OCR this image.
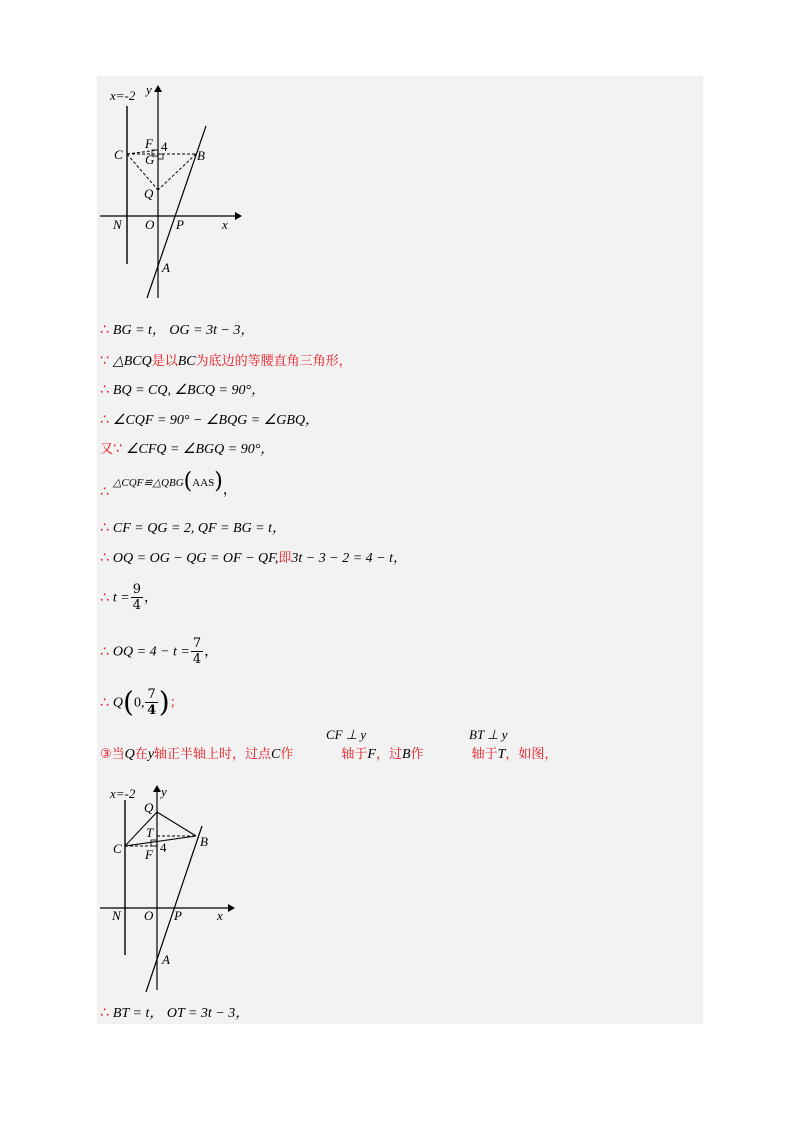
x=-2 y
F 4
C G	B
Q
N O P	x
A
∴ BG = t， OG = 3t − 3，
∵ △BCQ是以BC为底边的等腰直角三角形，
∴ BQ = CQ, ∠BCQ = 90°，
∴ ∠CQF = 90° − ∠BQG = ∠GBQ，
又∵ ∠CFQ = ∠BGQ = 90°，
∴△CQF≌△QBG(AAS)，
∴ CF = QG = 2, QF = BG = t，
∴ OQ = OG − QG = OF − QF,即3t − 3 − 2 = 4 − t，
∴ $t = \frac{9}{4}$ ，
∴ OQ = $4 - t = \frac{7}{4}$ ，
∴ Q(0, $\frac{7}{4}$ )；
③当Q在y轴正半轴上时，过点C作	轴于F，过B作	轴于T，如图，
CF ⊥ y	BT ⊥ y
x=-2 y
Q
T
C	4
F
B
N O P	x
A
∴ BT = t， OT = 3t − 3，
